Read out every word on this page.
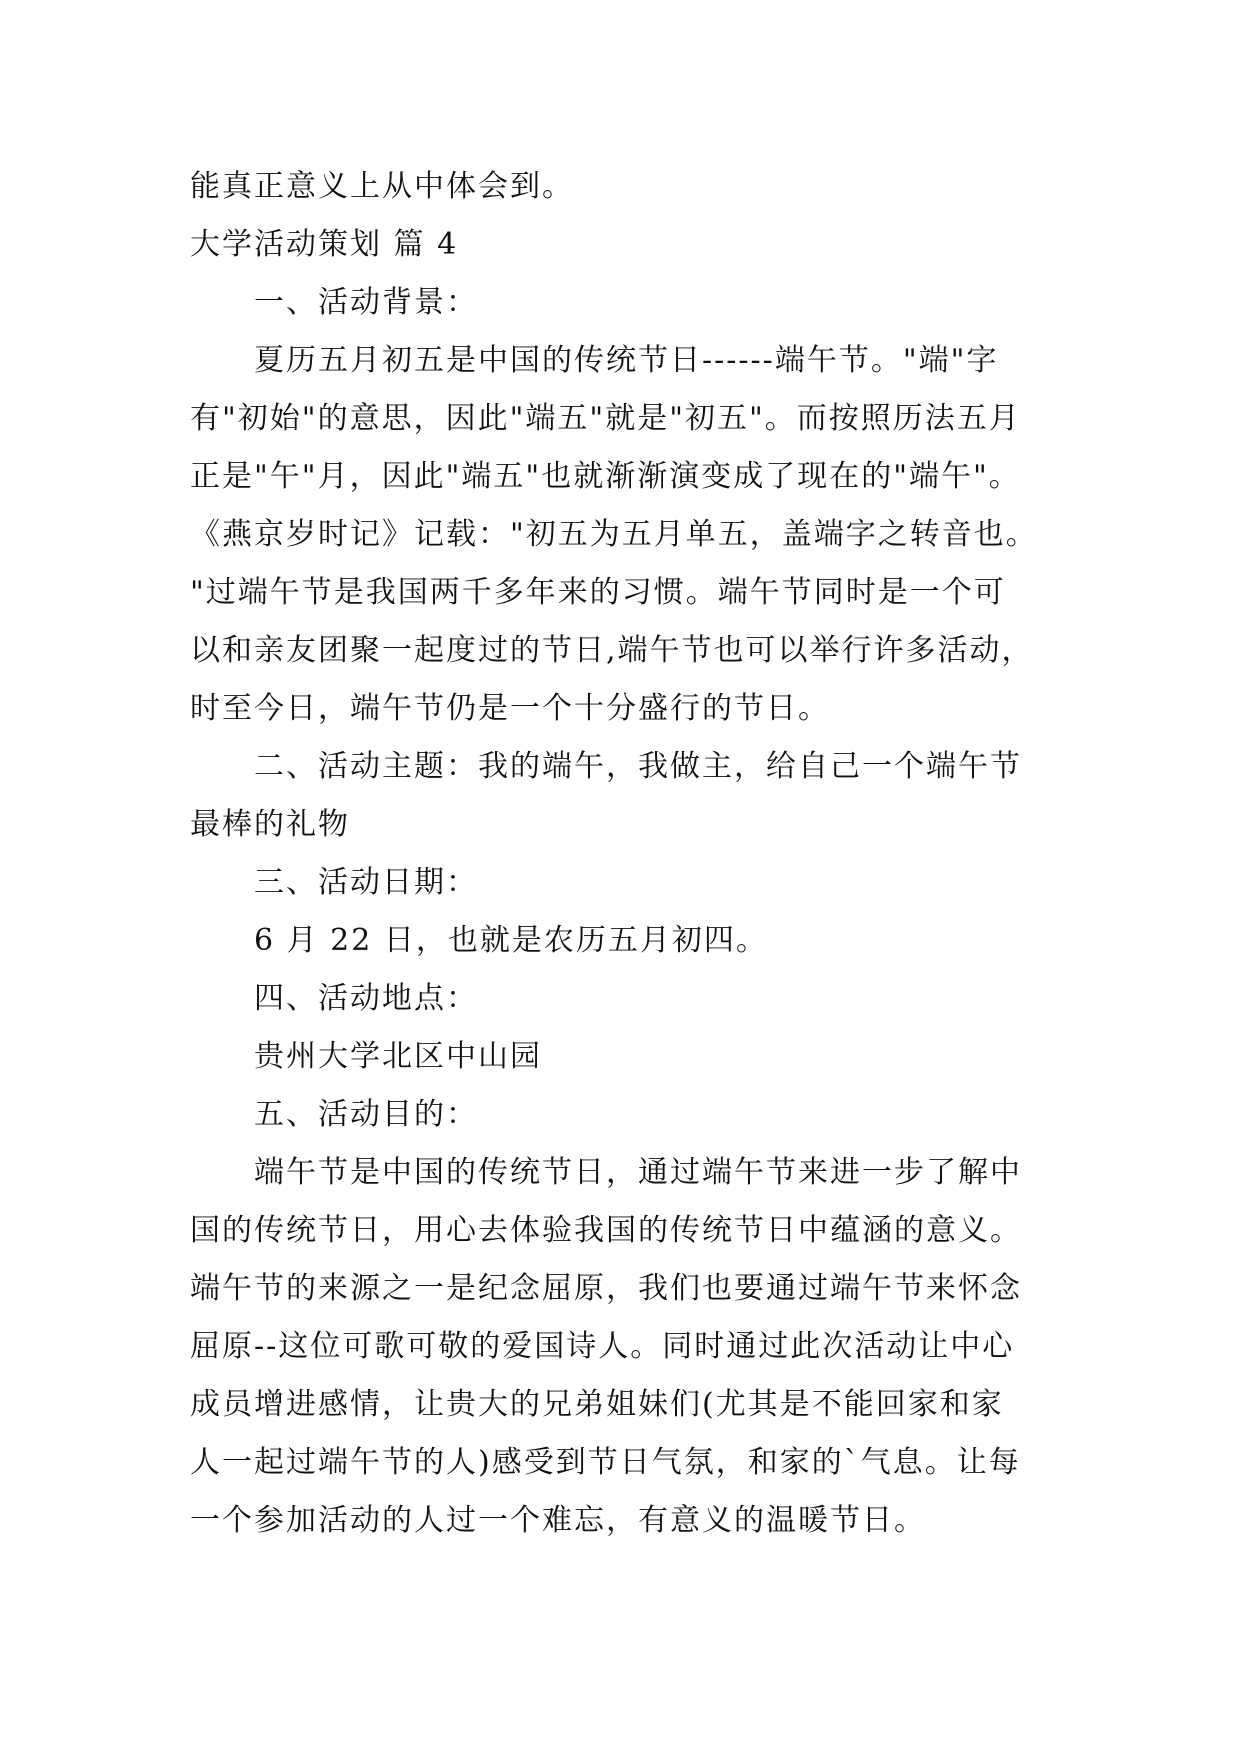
能真正意义上从中体会到。
大学活动策划 篇 4
一、活动背景：
夏历五月初五是中国的传统节日------端午节。"端"字
有"初始"的意思，因此"端五"就是"初五"。而按照历法五月
正是"午"月，因此"端五"也就渐渐演变成了现在的"端午"。
《燕京岁时记》记载："初五为五月单五，盖端字之转音也。
"过端午节是我国两千多年来的习惯。端午节同时是一个可
以和亲友团聚一起度过的节日,端午节也可以举行许多活动，
时至今日，端午节仍是一个十分盛行的节日。
二、活动主题：我的端午，我做主，给自己一个端午节
最棒的礼物
三、活动日期：
6 月 22 日，也就是农历五月初四。
四、活动地点：
贵州大学北区中山园
五、活动目的：
端午节是中国的传统节日，通过端午节来进一步了解中
国的传统节日，用心去体验我国的传统节日中蕴涵的意义。
端午节的来源之一是纪念屈原，我们也要通过端午节来怀念
屈原--这位可歌可敬的爱国诗人。同时通过此次活动让中心
成员增进感情，让贵大的兄弟姐妹们(尤其是不能回家和家
人一起过端午节的人)感受到节日气氛，和家的`气息。让每
一个参加活动的人过一个难忘，有意义的温暖节日。
